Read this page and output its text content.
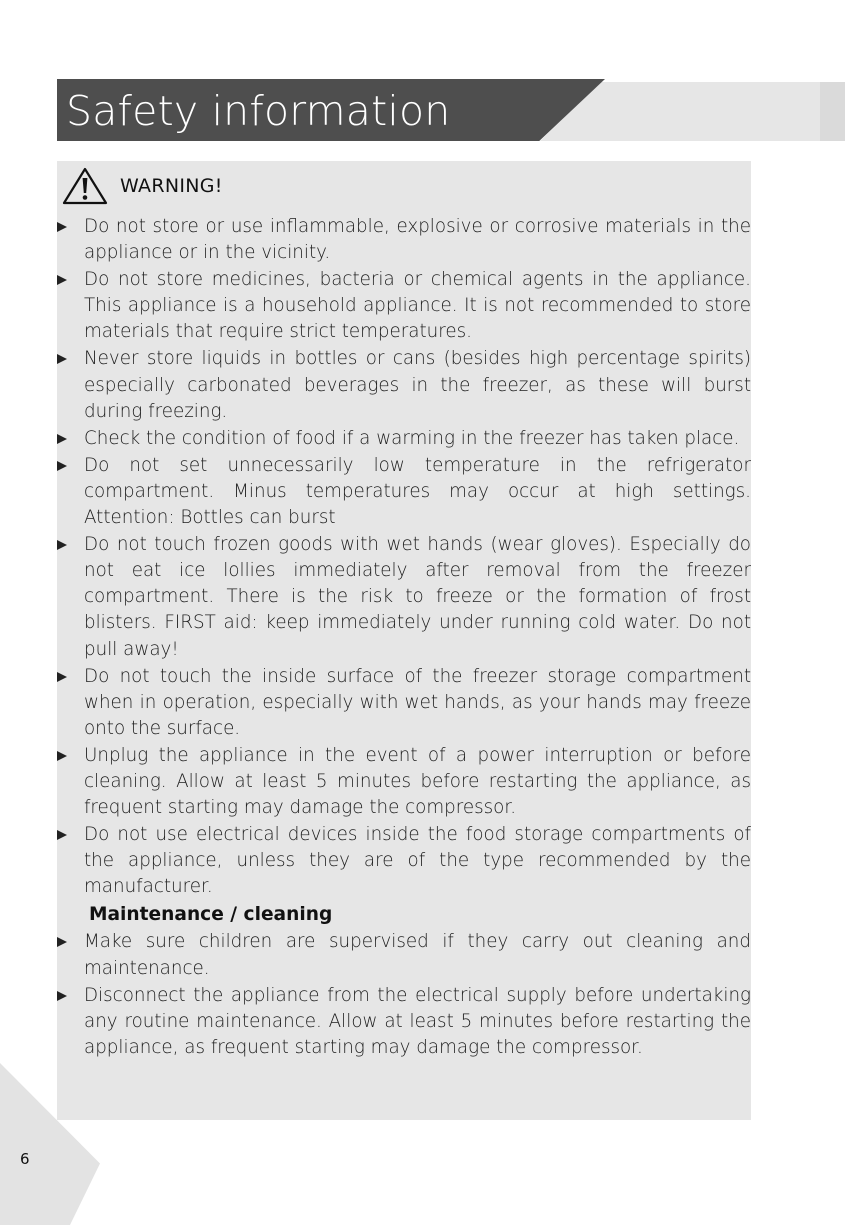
Safety information
WARNING!
Do not store or use inflammable, explosive or corrosive materials in the appliance or in the vicinity.
Do not store medicines, bacteria or chemical agents in the appliance. This appliance is a household appliance. It is not recommended to store materials that require strict temperatures.
Never store liquids in bottles or cans (besides high percentage spirits) especially carbonated beverages in the freezer, as these will burst during freezing.
Check the condition of food if a warming in the freezer has taken place.
Do not set unnecessarily low temperature in the refrigerator compartment. Minus temperatures may occur at high settings. Attention: Bottles can burst
Do not touch frozen goods with wet hands (wear gloves). Especially do not eat ice lollies immediately after removal from the freezer compartment. There is the risk to freeze or the formation of frost blisters. FIRST aid: keep immediately under running cold water. Do not pull away!
Do not touch the inside surface of the freezer storage compartment when in operation, especially with wet hands, as your hands may freeze onto the surface.
Unplug the appliance in the event of a power interruption or before cleaning. Allow at least 5 minutes before restarting the appliance, as frequent starting may damage the compressor.
Do not use electrical devices inside the food storage compartments of the appliance, unless they are of the type recommended by the manufacturer.
Maintenance / cleaning
Make sure children are supervised if they carry out cleaning and maintenance.
Disconnect the appliance from the electrical supply before undertaking any routine maintenance. Allow at least 5 minutes before restarting the appliance, as frequent starting may damage the compressor.
6
